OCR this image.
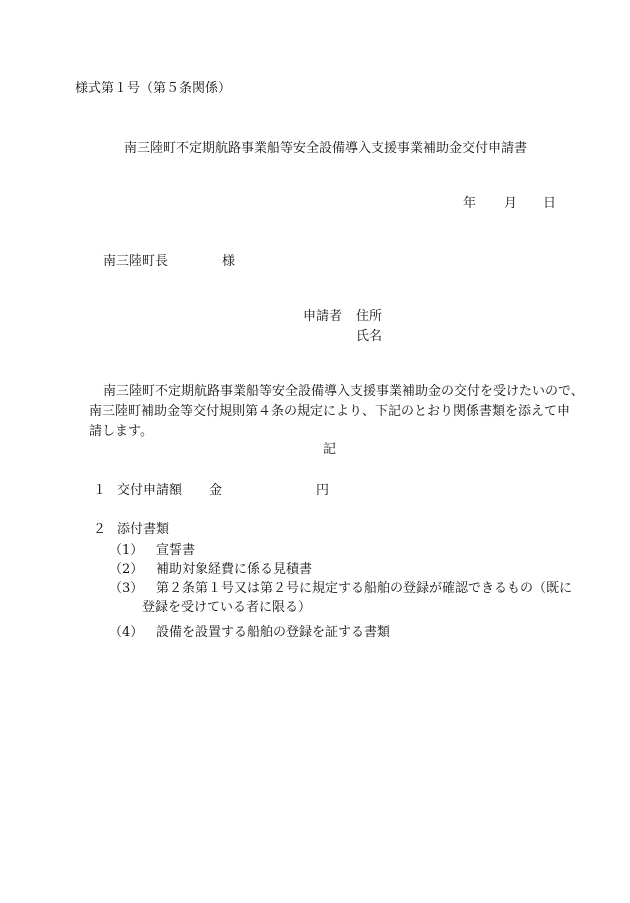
様式第１号（第５条関係）
南三陸町不定期航路事業船等安全設備導入支援事業補助金交付申請書
年 月 日
南三陸町長	様
申請者 住所
氏名
南三陸町不定期航路事業船等安全設備導入支援事業補助金の交付を受けたいので、
南三陸町補助金等交付規則第４条の規定により、下記のとおり関係書類を添えて申
請します。
記
１ 交付申請額 金	円
２ 添付書類
（1） 宣誓書
（2） 補助対象経費に係る見積書
（3） 第２条第１号又は第２号に規定する船舶の登録が確認できるもの（既に
登録を受けている者に限る）
（4） 設備を設置する船舶の登録を証する書類
